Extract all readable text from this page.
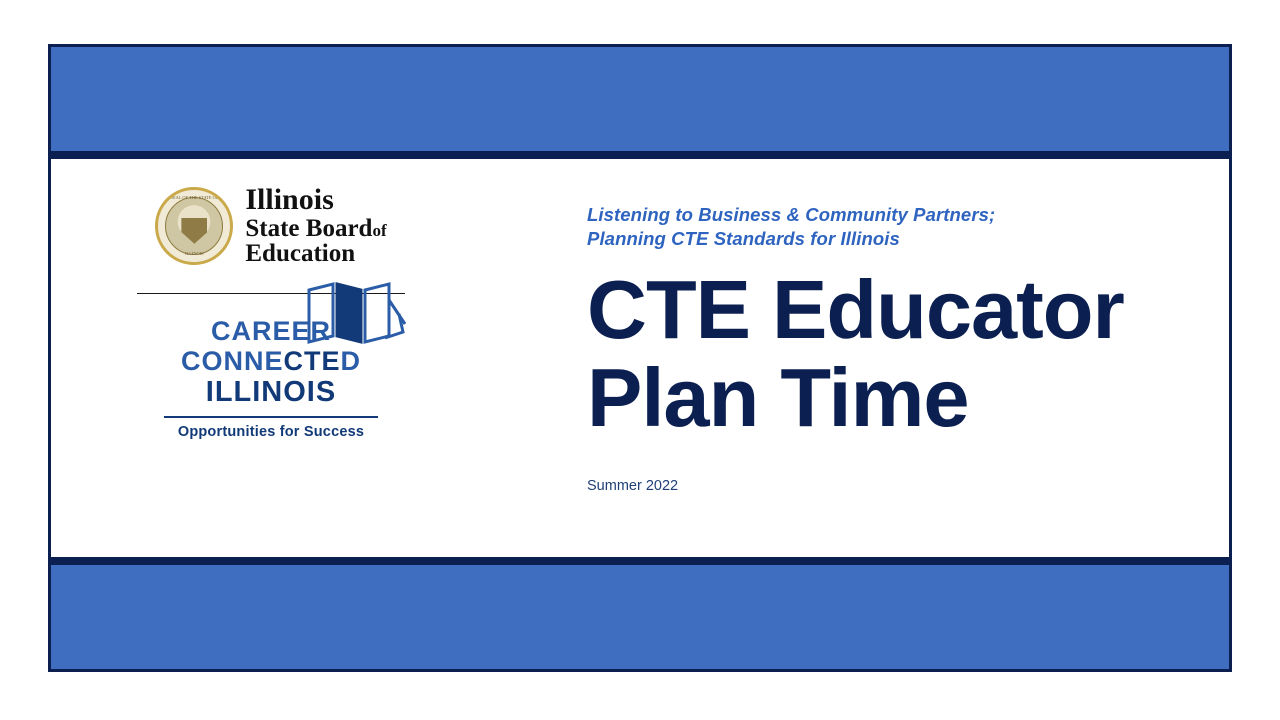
SEAL OF THE STATE OF
ILLINOIS
Illinois
State Boardof
Education
CAREER
CONNECTED
ILLINOIS
Opportunities for Success
Listening to Business & Community Partners;
Planning CTE Standards for Illinois
CTE Educator
Plan Time
Summer 2022
